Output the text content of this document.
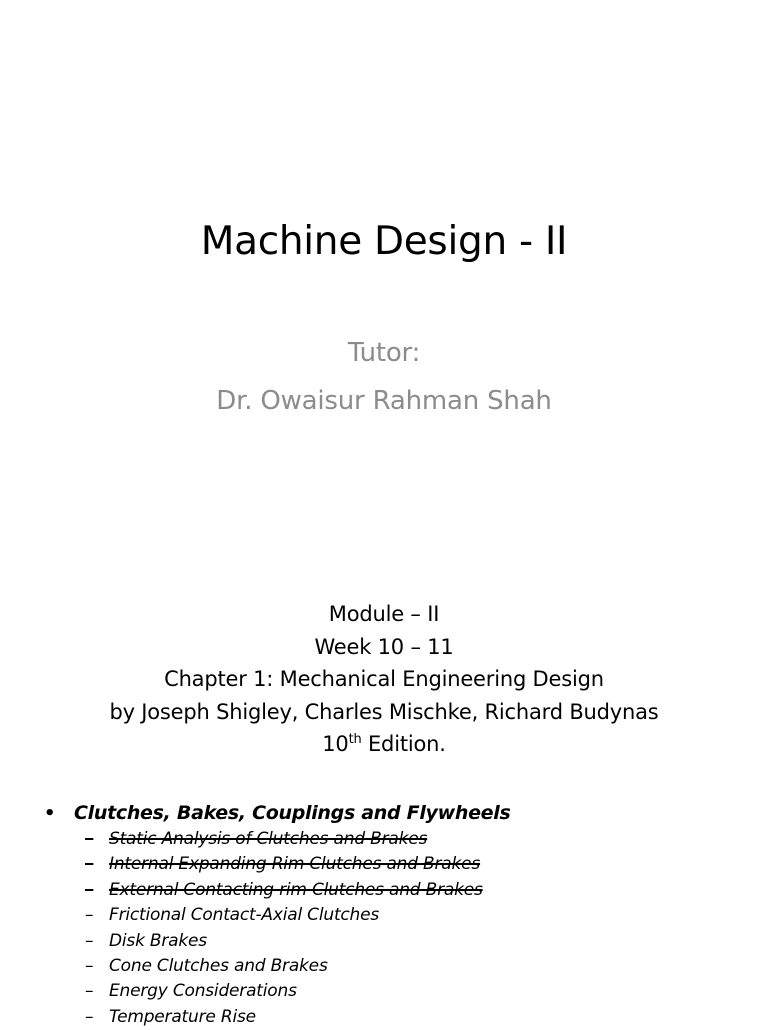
Machine Design - II
Tutor:
Dr. Owaisur Rahman Shah
Module – II
Week 10 – 11
Chapter 1: Mechanical Engineering Design
by Joseph Shigley, Charles Mischke, Richard Budynas
10th Edition.
• Clutches, Bakes, Couplings and Flywheels
– Static Analysis of Clutches and Brakes
– Internal Expanding Rim Clutches and Brakes
– External Contacting rim Clutches and Brakes
– Frictional Contact-Axial Clutches
– Disk Brakes
– Cone Clutches and Brakes
– Energy Considerations
– Temperature Rise
